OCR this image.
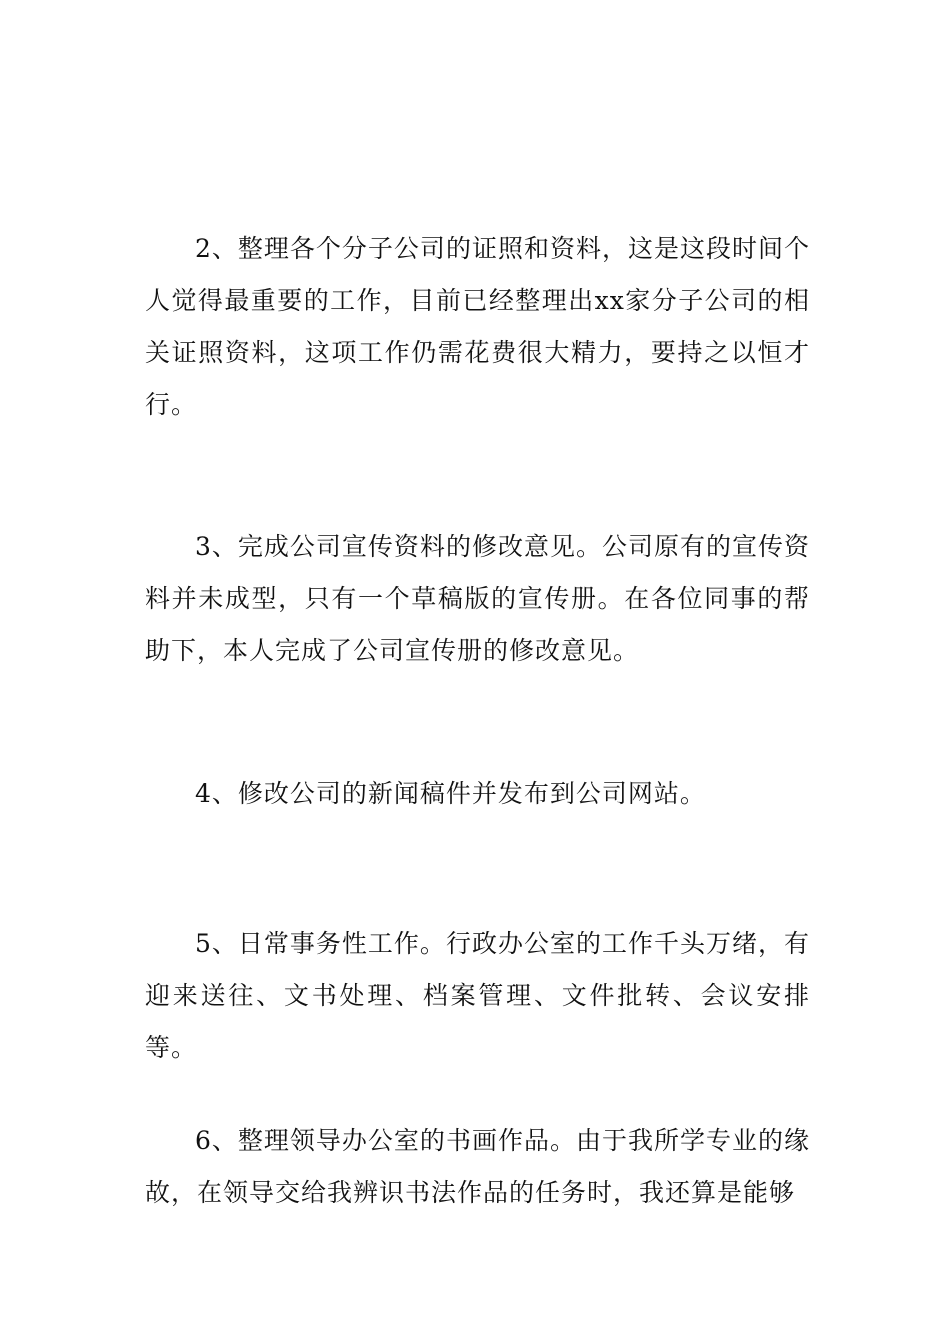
2、整理各个分子公司的证照和资料，这是这段时间个人觉得最重要的工作，目前已经整理出xx家分子公司的相关证照资料，这项工作仍需花费很大精力，要持之以恒才行。

3、完成公司宣传资料的修改意见。公司原有的宣传资料并未成型，只有一个草稿版的宣传册。在各位同事的帮助下，本人完成了公司宣传册的修改意见。

4、修改公司的新闻稿件并发布到公司网站。

5、日常事务性工作。行政办公室的工作千头万绪，有迎来送往、文书处理、档案管理、文件批转、会议安排等。

6、整理领导办公室的书画作品。由于我所学专业的缘故，在领导交给我辨识书法作品的任务时，我还算是能够
